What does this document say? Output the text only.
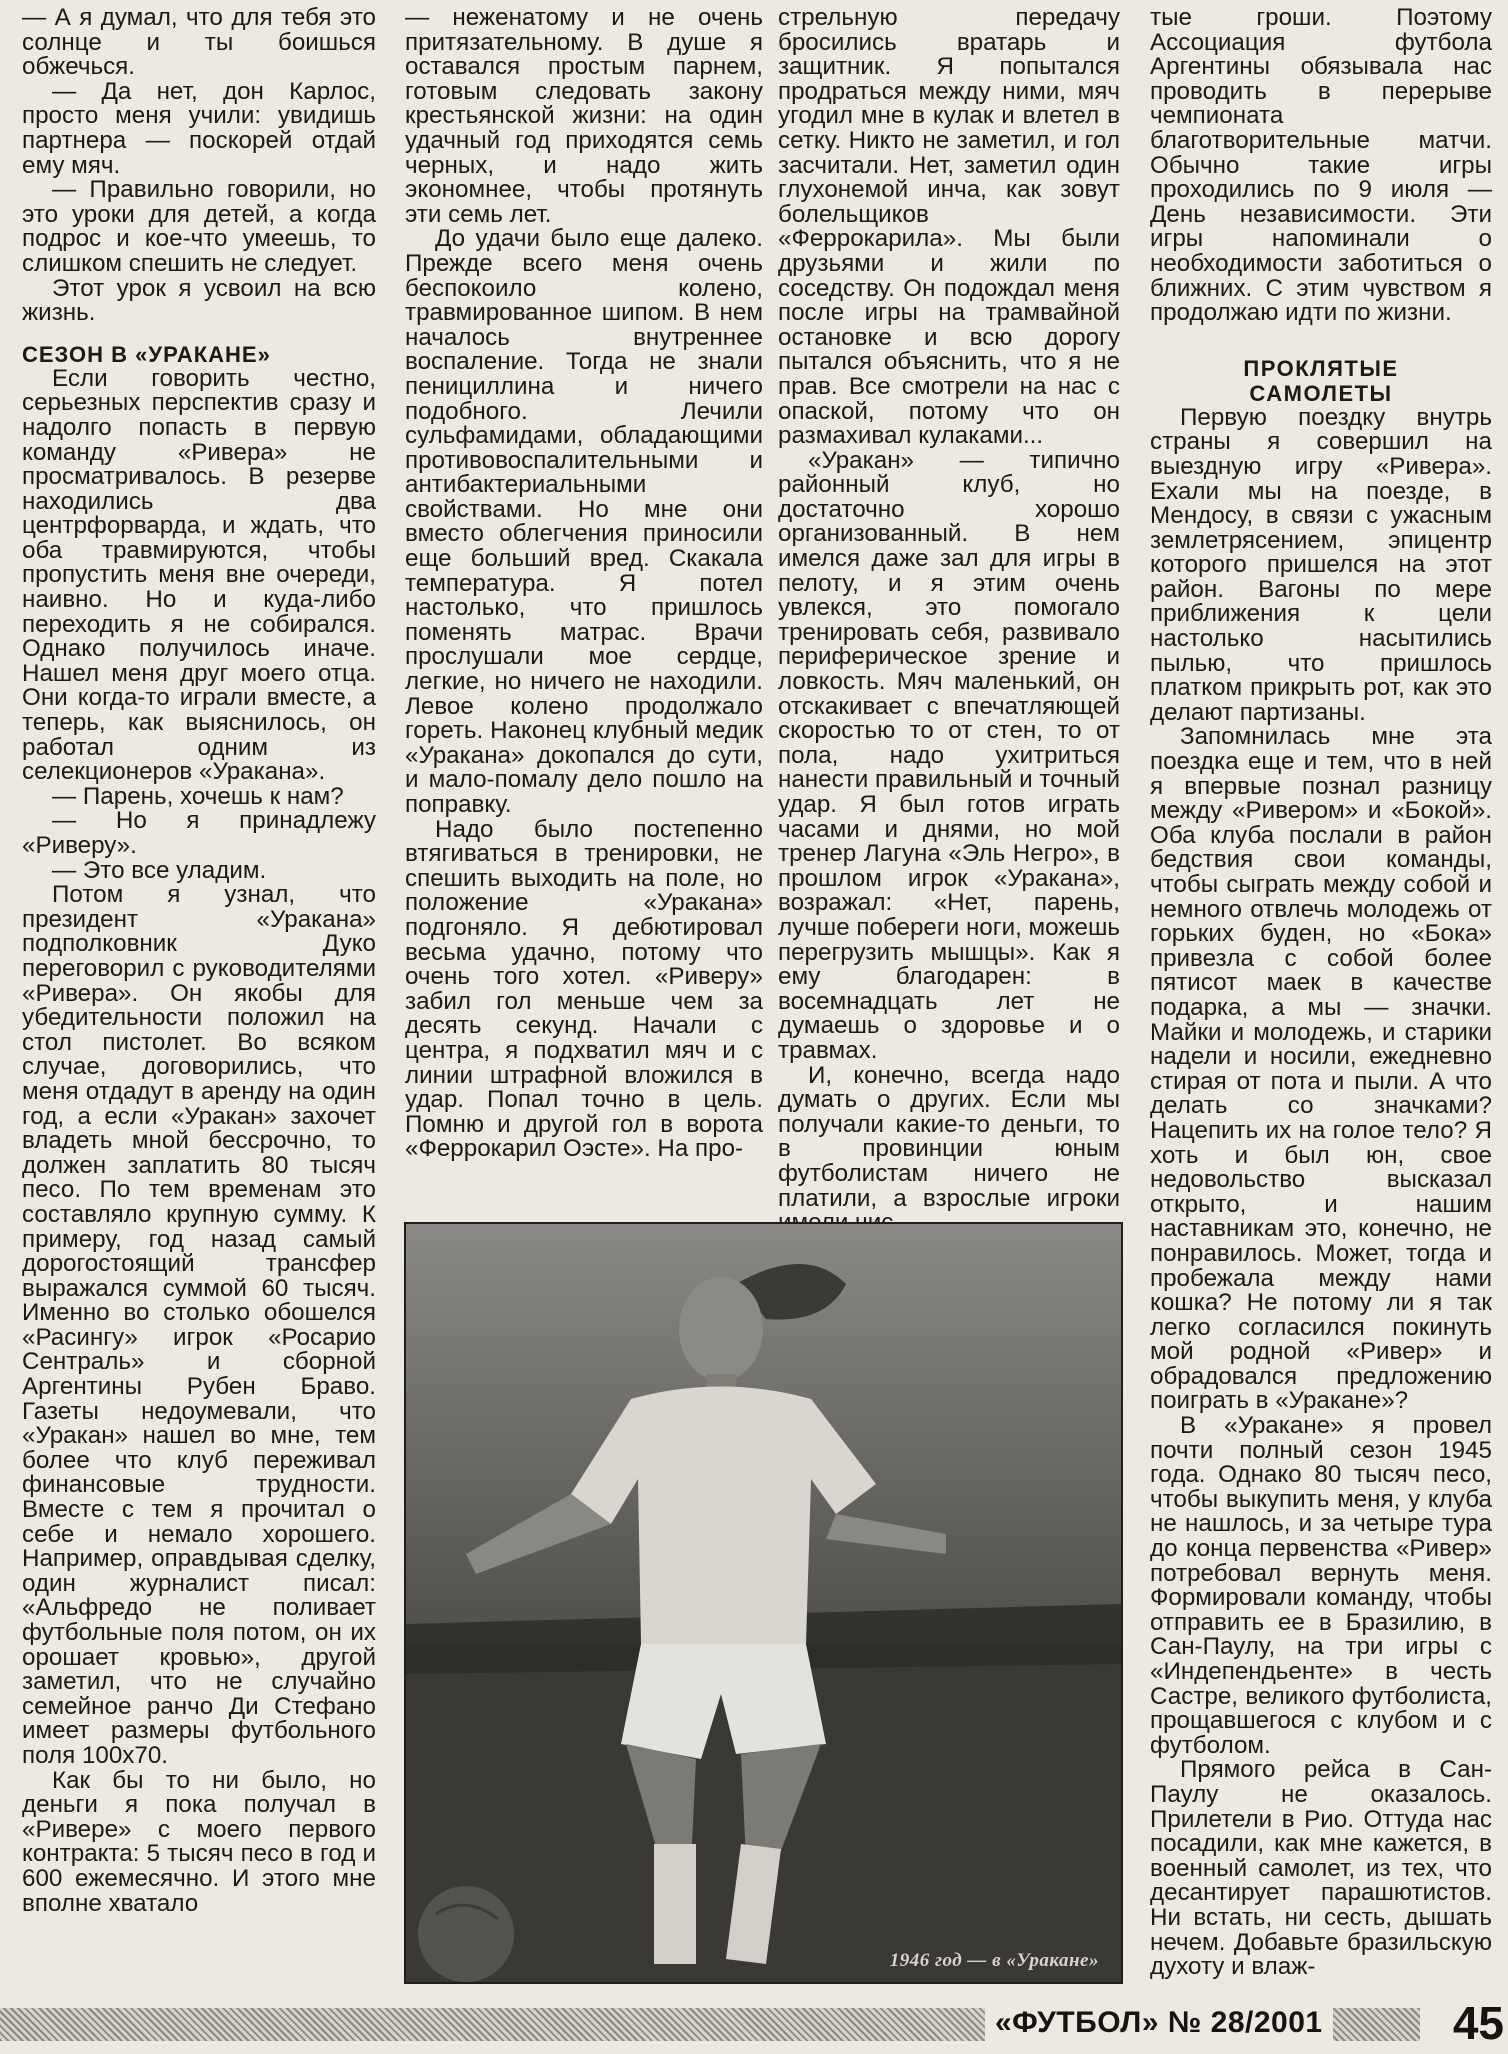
— А я думал, что для тебя это солнце и ты боишься обжечься.

— Да нет, дон Карлос, просто меня учили: увидишь партнера — поскорей отдай ему мяч.

— Правильно говорили, но это уроки для детей, а когда подрос и кое-что умеешь, то слишком спешить не следует.

Этот урок я усвоил на всю жизнь.

СЕЗОН В «УРАКАНЕ»

Если говорить честно, серьезных перспектив сразу и надолго попасть в первую команду «Ривера» не просматривалось. В резерве находились два центрфорварда, и ждать, что оба травмируются, чтобы пропустить меня вне очереди, наивно. Но и куда-либо переходить я не собирался. Однако получилось иначе. Нашел меня друг моего отца. Они когда-то играли вместе, а теперь, как выяснилось, он работал одним из селекционеров «Уракана».

— Парень, хочешь к нам?

— Но я принадлежу «Риверу».

— Это все уладим.

Потом я узнал, что президент «Уракана» подполковник Дуко переговорил с руководителями «Ривера». Он якобы для убедительности положил на стол пистолет. Во всяком случае, договорились, что меня отдадут в аренду на один год, а если «Уракан» захочет владеть мной бессрочно, то должен заплатить 80 тысяч песо. По тем временам это составляло крупную сумму. К примеру, год назад самый дорогостоящий трансфер выражался суммой 60 тысяч. Именно во столько обошелся «Расингу» игрок «Росарио Сентраль» и сборной Аргентины Рубен Браво. Газеты недоумевали, что «Уракан» нашел во мне, тем более что клуб переживал финансовые трудности. Вместе с тем я прочитал о себе и немало хорошего. Например, оправдывая сделку, один журналист писал: «Альфредо не поливает футбольные поля потом, он их орошает кровью», другой заметил, что не случайно семейное ранчо Ди Стефано имеет размеры футбольного поля 100х70.

Как бы то ни было, но деньги я пока получал в «Ривере» с моего первого контракта: 5 тысяч песо в год и 600 ежемесячно. И этого мне вполне хватало

— неженатому и не очень притязательному. В душе я оставался простым парнем, готовым следовать закону крестьянской жизни: на один удачный год приходятся семь черных, и надо жить экономнее, чтобы протянуть эти семь лет.

До удачи было еще далеко. Прежде всего меня очень беспокоило колено, травмированное шипом. В нем началось внутреннее воспаление. Тогда не знали пенициллина и ничего подобного. Лечили сульфамидами, обладающими противовоспалительными и антибактериальными свойствами. Но мне они вместо облегчения приносили еще больший вред. Скакала температура. Я потел настолько, что пришлось поменять матрас. Врачи прослушали мое сердце, легкие, но ничего не находили. Левое колено продолжало гореть. Наконец клубный медик «Уракана» докопался до сути, и мало-помалу дело пошло на поправку.

Надо было постепенно втягиваться в тренировки, не спешить выходить на поле, но положение «Уракана» подгоняло. Я дебютировал весьма удачно, потому что очень того хотел. «Риверу» забил гол меньше чем за десять секунд. Начали с центра, я подхватил мяч и с линии штрафной вложился в удар. Попал точно в цель. Помню и другой гол в ворота «Феррокарил Оэсте». На про-

стрельную передачу бросились вратарь и защитник. Я попытался продраться между ними, мяч угодил мне в кулак и влетел в сетку. Никто не заметил, и гол засчитали. Нет, заметил один глухонемой инча, как зовут болельщиков «Феррокарила». Мы были друзьями и жили по соседству. Он подождал меня после игры на трамвайной остановке и всю дорогу пытался объяснить, что я не прав. Все смотрели на нас с опаской, потому что он размахивал кулаками...

«Уракан» — типично районный клуб, но достаточно хорошо организованный. В нем имелся даже зал для игры в пелоту, и я этим очень увлекся, это помогало тренировать себя, развивало периферическое зрение и ловкость. Мяч маленький, он отскакивает с впечатляющей скоростью то от стен, то от пола, надо ухитриться нанести правильный и точный удар. Я был готов играть часами и днями, но мой тренер Лагуна «Эль Негро», в прошлом игрок «Уракана», возражал: «Нет, парень, лучше побереги ноги, можешь перегрузить мышцы». Как я ему благодарен: в восемнадцать лет не думаешь о здоровье и о травмах.

И, конечно, всегда надо думать о других. Если мы получали какие-то деньги, то в провинции юным футболистам ничего не платили, а взрослые игроки

тые гроши. Поэтому Ассоциация футбола Аргентины обязывала нас проводить в перерыве чемпионата благотворительные матчи. Обычно такие игры проходились по 9 июля — День независимости. Эти игры напоминали о необходимости заботиться о ближних. С этим чувством я продолжаю идти по жизни.

ПРОКЛЯТЫЕ
САМОЛЕТЫ

Первую поездку внутрь страны я совершил на выездную игру «Ривера». Ехали мы на поезде, в Мендосу, в связи с ужасным землетрясением, эпицентр которого пришелся на этот район. Вагоны по мере приближения к цели настолько насытились пылью, что пришлось платком прикрыть рот, как это делают партизаны.

Запомнилась мне эта поездка еще и тем, что в ней я впервые познал разницу между «Ривером» и «Бокой». Оба клуба послали в район бедствия свои команды, чтобы сыграть между собой и немного отвлечь молодежь от горьких буден, но «Бока» привезла с собой более пятисот маек в качестве подарка, а мы — значки. Майки и молодежь, и старики надели и носили, ежедневно стирая от пота и пыли. А что делать со значками? Нацепить их на голое тело? Я хоть и был юн, свое недовольство высказал открыто, и нашим наставникам это, конечно, не понравилось. Может, тогда и пробежала между нами кошка? Не потому ли я так легко согласился покинуть мой родной «Ривер» и обрадовался предложению поиграть в «Уракане»?

В «Уракане» я провел почти полный сезон 1945 года. Однако 80 тысяч песо, чтобы выкупить меня, у клуба не нашлось, и за четыре тура до конца первенства «Ривер» потребовал вернуть меня. Формировали команду, чтобы отправить ее в Бразилию, в Сан-Паулу, на три игры с «Индепендьенте» в честь Састре, великого футболиста, прощавшегося с клубом и с футболом.

Прямого рейса в Сан-Паулу не оказалось. Прилетели в Рио. Оттуда нас посадили, как мне кажется, в военный самолет, из тех, что десантирует парашютистов. Ни встать, ни сесть, дышать нечем. Добавьте бразильскую духоту и влаж-

1946 год — в «Уракане»
«ФУТБОЛ» № 28/2001	45
